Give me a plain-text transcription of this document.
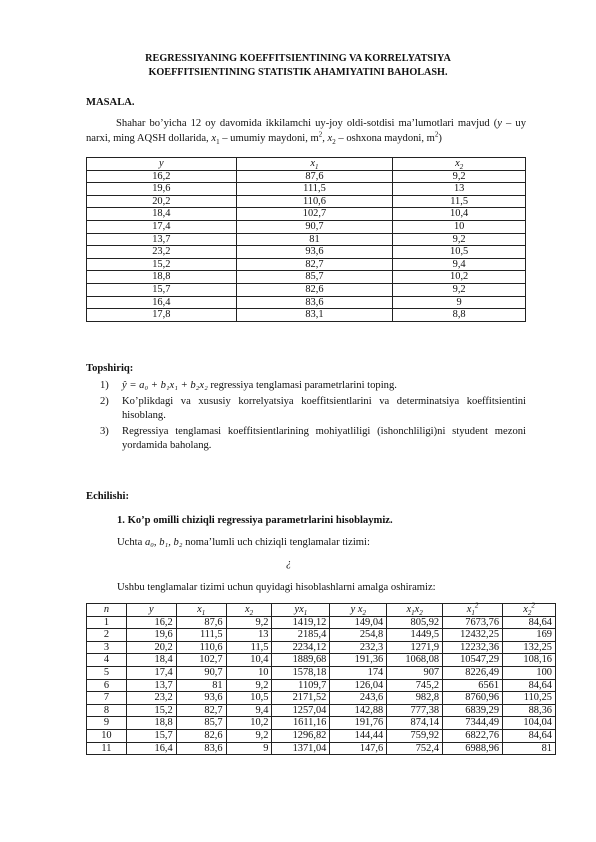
REGRESSIYANING KOEFFITSIENTINING VA KORRELYATSIYA
KOEFFITSIENTINING STATISTIK AHAMIYATINI BAHOLASH.
MASALA.
Shahar bo’yicha 12 oy davomida ikkilamchi uy-joy oldi-sotdisi ma’lumotlari mavjud (y – uy narxi, ming AQSH dollarida, $x_1$ – umumiy maydoni, $m^2$, $x_2$ – oshxona maydoni, $m^2$)
y	$x_1$	$x_2$
16,2	87,6	9,2
19,6	111,5	13
20,2	110,6	11,5
18,4	102,7	10,4
17,4	90,7	10
13,7	81	9,2
23,2	93,6	10,5
15,2	82,7	9,4
18,8	85,7	10,2
15,7	82,6	9,2
16,4	83,6	9
17,8	83,1	8,8
Topshiriq:
1)	ŷ = a₀ + b₁x₁ + b₂x₂ regressiya tenglamasi parametrlarini toping.
2)	Ko’plikdagi va xususiy korrelyatsiya koeffitsientlarini va determinatsiya koeffitsientini hisoblang.
3)	Regressiya tenglamasi koeffitsientlarining mohiyatliligi (ishonchliligi)ni styudent mezoni yordamida baholang.
Echilishi:
1. Ko’p omilli chiziqli regressiya parametrlarini hisoblaymiz.
Uchta a₀, b₁, b₂ noma’lumli uch chiziqli tenglamalar tizimi:
¿
Ushbu tenglamalar tizimi uchun quyidagi hisoblashlarni amalga oshiramiz:
n	y	$x_1$	$x_2$	$yx_1$	y $x_2$	$x_1x_2$	$x_1^2$	$x_2^2$
1	16,2	87,6	9,2	1419,12	149,04	805,92	7673,76	84,64
2	19,6	111,5	13	2185,4	254,8	1449,5	12432,25	169
3	20,2	110,6	11,5	2234,12	232,3	1271,9	12232,36	132,25
4	18,4	102,7	10,4	1889,68	191,36	1068,08	10547,29	108,16
5	17,4	90,7	10	1578,18	174	907	8226,49	100
6	13,7	81	9,2	1109,7	126,04	745,2	6561	84,64
7	23,2	93,6	10,5	2171,52	243,6	982,8	8760,96	110,25
8	15,2	82,7	9,4	1257,04	142,88	777,38	6839,29	88,36
9	18,8	85,7	10,2	1611,16	191,76	874,14	7344,49	104,04
10	15,7	82,6	9,2	1296,82	144,44	759,92	6822,76	84,64
11	16,4	83,6	9	1371,04	147,6	752,4	6988,96	81
